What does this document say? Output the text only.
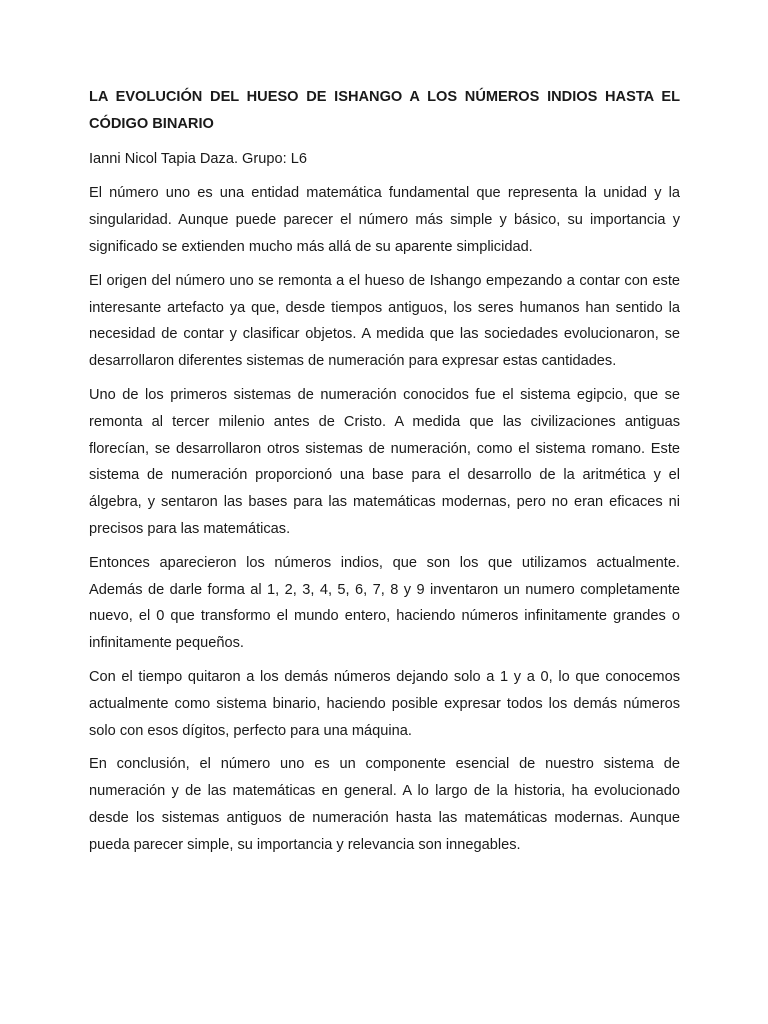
LA EVOLUCIÓN DEL HUESO DE ISHANGO A LOS NÚMEROS INDIOS HASTA EL CÓDIGO BINARIO

Ianni Nicol Tapia Daza. Grupo: L6

El número uno es una entidad matemática fundamental que representa la unidad y la singularidad. Aunque puede parecer el número más simple y básico, su importancia y significado se extienden mucho más allá de su aparente simplicidad.

El origen del número uno se remonta a el hueso de Ishango empezando a contar con este interesante artefacto ya que, desde tiempos antiguos, los seres humanos han sentido la necesidad de contar y clasificar objetos. A medida que las sociedades evolucionaron, se desarrollaron diferentes sistemas de numeración para expresar estas cantidades.

Uno de los primeros sistemas de numeración conocidos fue el sistema egipcio, que se remonta al tercer milenio antes de Cristo. A medida que las civilizaciones antiguas florecían, se desarrollaron otros sistemas de numeración, como el sistema romano. Este sistema de numeración proporcionó una base para el desarrollo de la aritmética y el álgebra, y sentaron las bases para las matemáticas modernas, pero no eran eficaces ni precisos para las matemáticas.

Entonces aparecieron los números indios, que son los que utilizamos actualmente. Además de darle forma al 1, 2, 3, 4, 5, 6, 7, 8 y 9 inventaron un numero completamente nuevo, el 0 que transformo el mundo entero, haciendo números infinitamente grandes o infinitamente pequeños.

Con el tiempo quitaron a los demás números dejando solo a 1 y a 0, lo que conocemos actualmente como sistema binario, haciendo posible expresar todos los demás números solo con esos dígitos, perfecto para una máquina.

En conclusión, el número uno es un componente esencial de nuestro sistema de numeración y de las matemáticas en general. A lo largo de la historia, ha evolucionado desde los sistemas antiguos de numeración hasta las matemáticas modernas. Aunque pueda parecer simple, su importancia y relevancia son innegables.
